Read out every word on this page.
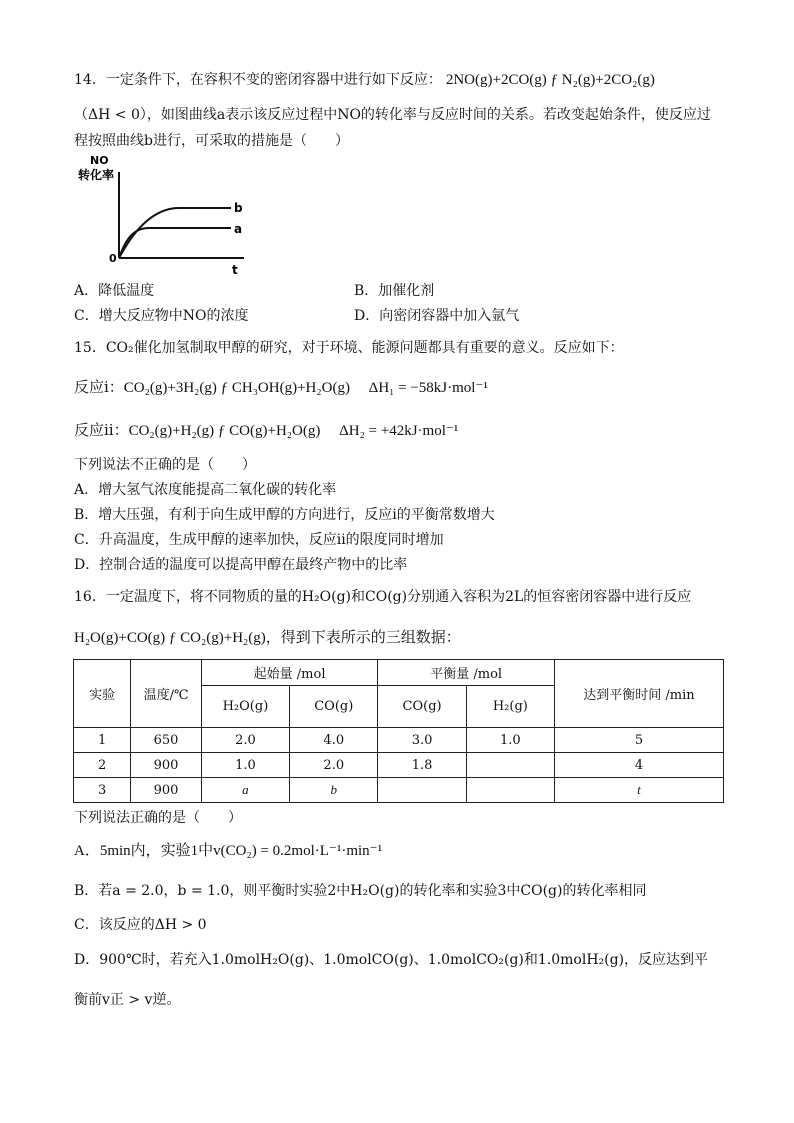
14．一定条件下，在容积不变的密闭容器中进行如下反应： 2NO(g)+2CO(g) ƒ N₂(g)+2CO₂(g)
（ΔH < 0），如图曲线a表示该反应过程中NO的转化率与反应时间的关系。若改变起始条件，使反应过
程按照曲线b进行，可采取的措施是（　　）
NO
转化率
0
t
b
a
A．降低温度	B．加催化剂
C．增大反应物中NO的浓度	D．向密闭容器中加入氩气
15．CO₂催化加氢制取甲醇的研究，对于环境、能源问题都具有重要的意义。反应如下：
反应ⅰ：CO₂(g)+3H₂(g) ƒ CH₃OH(g)+H₂O(g)　 ΔH₁ = −58kJ·mol⁻¹
反应ⅱ：CO₂(g)+H₂(g) ƒ CO(g)+H₂O(g)　 ΔH₂ = +42kJ·mol⁻¹
下列说法不正确的是（　　）
A．增大氢气浓度能提高二氧化碳的转化率
B．增大压强，有利于向生成甲醇的方向进行，反应ⅰ的平衡常数增大
C．升高温度，生成甲醇的速率加快，反应ⅱ的限度同时增加
D．控制合适的温度可以提高甲醇在最终产物中的比率
16．一定温度下，将不同物质的量的H₂O(g)和CO(g)分别通入容积为2L的恒容密闭容器中进行反应
H₂O(g)+CO(g) ƒ CO₂(g)+H₂(g)，得到下表所示的三组数据：
实验	温度/℃	起始量 /mol		平衡量 /mol		达到平衡时间 /min
		H₂O(g)	CO(g)	CO(g)	H₂(g)	
1	650	2.0	4.0	3.0	1.0	5
2	900	1.0	2.0	1.8		4
3	900	a	b			t
下列说法正确的是（　　）
A．5min内，实验1中v(CO₂) = 0.2mol·L⁻¹·min⁻¹
B．若a = 2.0，b = 1.0，则平衡时实验2中H₂O(g)的转化率和实验3中CO(g)的转化率相同
C．该反应的ΔH > 0
D．900℃时，若充入1.0molH₂O(g)、1.0molCO(g)、1.0molCO₂(g)和1.0molH₂(g)，反应达到平
衡前v正 > v逆。
